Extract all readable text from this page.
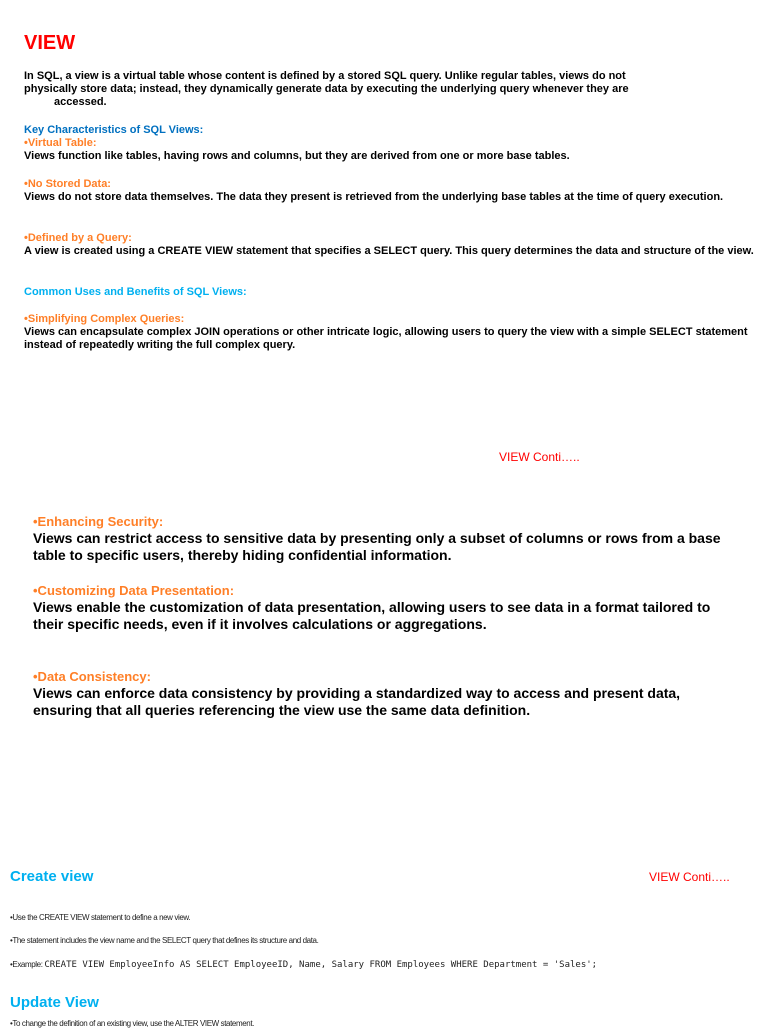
VIEW
In SQL, a view is a virtual table whose content is defined by a stored SQL query. Unlike regular tables, views do not
physically store data; instead, they dynamically generate data by executing the underlying query whenever they are
accessed.
Key Characteristics of SQL Views:
•Virtual Table:
Views function like tables, having rows and columns, but they are derived from one or more base tables.
•No Stored Data:
Views do not store data themselves. The data they present is retrieved from the underlying base tables at the time of query execution.
•Defined by a Query:
A view is created using a CREATE VIEW statement that specifies a SELECT query. This query determines the data and structure of the view.
Common Uses and Benefits of SQL Views:
•Simplifying Complex Queries:
Views can encapsulate complex JOIN operations or other intricate logic, allowing users to query the view with a simple SELECT statement instead of repeatedly writing the full complex query.
VIEW Conti…..
•Enhancing Security:
Views can restrict access to sensitive data by presenting only a subset of columns or rows from a base table to specific users, thereby hiding confidential information.
•Customizing Data Presentation:
Views enable the customization of data presentation, allowing users to see data in a format tailored to their specific needs, even if it involves calculations or aggregations.
•Data Consistency:
Views can enforce data consistency by providing a standardized way to access and present data, ensuring that all queries referencing the view use the same data definition.
Create view	VIEW Conti…..
•Use the CREATE VIEW statement to define a new view.
•The statement includes the view name and the SELECT query that defines its structure and data.
•Example: CREATE VIEW EmployeeInfo AS SELECT EmployeeID, Name, Salary FROM Employees WHERE Department = 'Sales';
Update View
•To change the definition of an existing view, use the ALTER VIEW statement.
